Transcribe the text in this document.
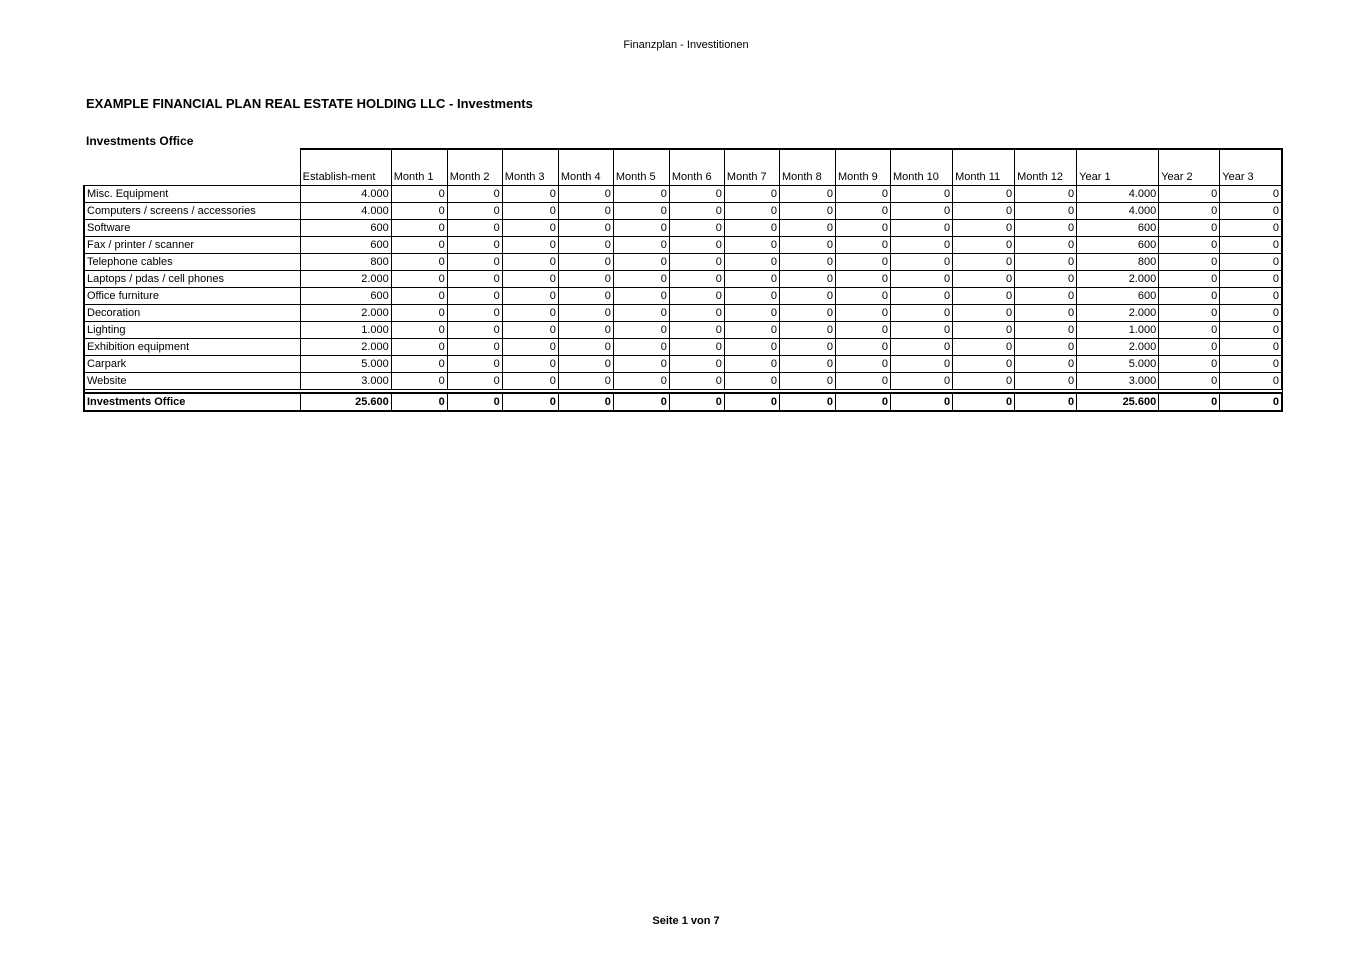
Finanzplan - Investitionen
EXAMPLE FINANCIAL PLAN REAL ESTATE HOLDING LLC - Investments
Investments Office
	Establish-ment	Month 1	Month 2	Month 3	Month 4	Month 5	Month 6	Month 7	Month 8	Month 9	Month 10	Month 11	Month 12	Year 1	Year 2	Year 3
Misc. Equipment	4.000	0	0	0	0	0	0	0	0	0	0	0	0	4.000	0	0
Computers / screens / accessories	4.000	0	0	0	0	0	0	0	0	0	0	0	0	4.000	0	0
Software	600	0	0	0	0	0	0	0	0	0	0	0	0	600	0	0
Fax / printer / scanner	600	0	0	0	0	0	0	0	0	0	0	0	0	600	0	0
Telephone cables	800	0	0	0	0	0	0	0	0	0	0	0	0	800	0	0
Laptops / pdas / cell phones	2.000	0	0	0	0	0	0	0	0	0	0	0	0	2.000	0	0
Office furniture	600	0	0	0	0	0	0	0	0	0	0	0	0	600	0	0
Decoration	2.000	0	0	0	0	0	0	0	0	0	0	0	0	2.000	0	0
Lighting	1.000	0	0	0	0	0	0	0	0	0	0	0	0	1.000	0	0
Exhibition equipment	2.000	0	0	0	0	0	0	0	0	0	0	0	0	2.000	0	0
Carpark	5.000	0	0	0	0	0	0	0	0	0	0	0	0	5.000	0	0
Website	3.000	0	0	0	0	0	0	0	0	0	0	0	0	3.000	0	0

Investments Office	25.600	0	0	0	0	0	0	0	0	0	0	0	0	25.600	0	0
Seite 1 von 7
